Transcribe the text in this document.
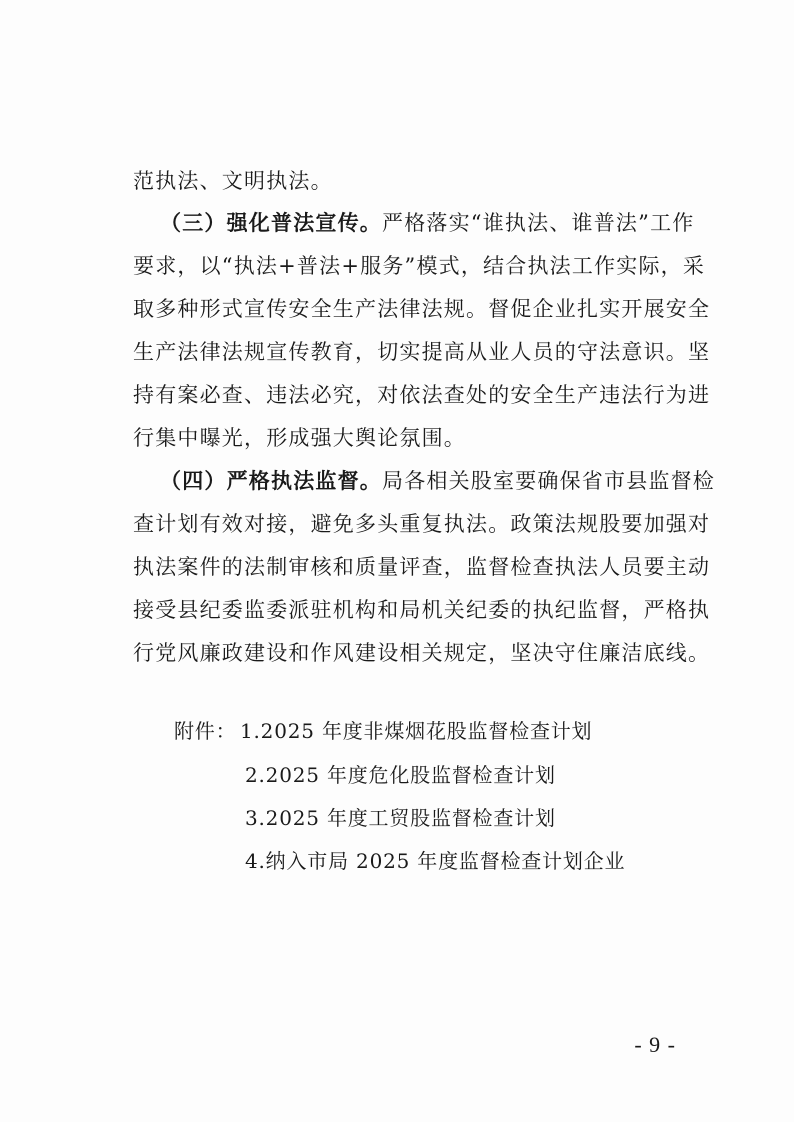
范执法、文明执法。
（三）强化普法宣传。严格落实“谁执法、谁普法”工作
要求，以“执法+普法+服务”模式，结合执法工作实际，采
取多种形式宣传安全生产法律法规。督促企业扎实开展安全
生产法律法规宣传教育，切实提高从业人员的守法意识。坚
持有案必查、违法必究，对依法查处的安全生产违法行为进
行集中曝光，形成强大舆论氛围。
（四）严格执法监督。局各相关股室要确保省市县监督检
查计划有效对接，避免多头重复执法。政策法规股要加强对
执法案件的法制审核和质量评查，监督检查执法人员要主动
接受县纪委监委派驻机构和局机关纪委的执纪监督，严格执
行党风廉政建设和作风建设相关规定，坚决守住廉洁底线。
附件： 1.2025 年度非煤烟花股监督检查计划
2.2025 年度危化股监督检查计划
3.2025 年度工贸股监督检查计划
4.纳入市局 2025 年度监督检查计划企业
- 9 -
